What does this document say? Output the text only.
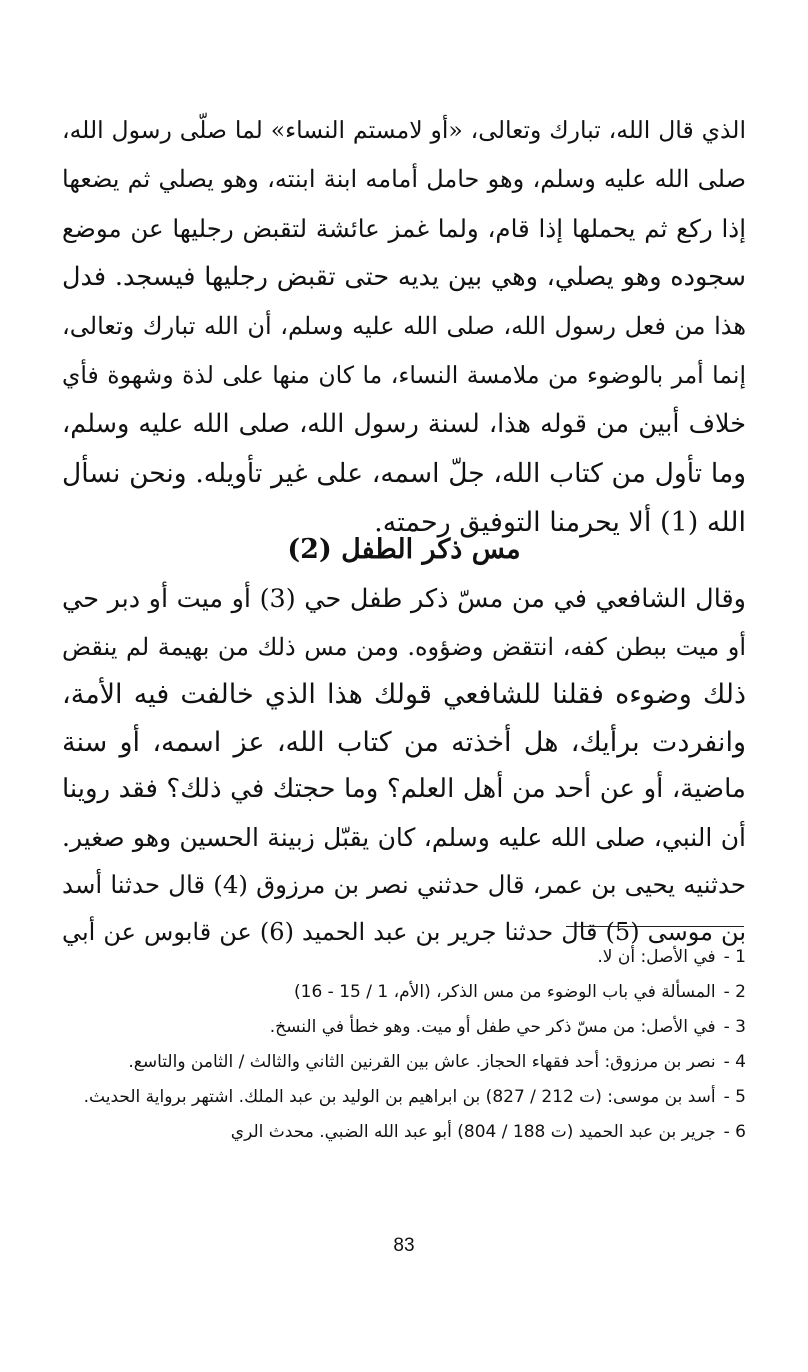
الذي قال الله، تبارك وتعالى، «أو لامستم النساء» لما صلّى رسول الله،
صلى الله عليه وسلم، وهو حامل أمامه ابنة ابنته، وهو يصلي ثم يضعها
إذا ركع ثم يحملها إذا قام، ولما غمز عائشة لتقبض رجليها عن موضع
سجوده وهو يصلي، وهي بين يديه حتى تقبض رجليها فيسجد. فدل
هذا من فعل رسول الله، صلى الله عليه وسلم، أن الله تبارك وتعالى،
إنما أمر بالوضوء من ملامسة النساء، ما كان منها على لذة وشهوة فأي
خلاف أبين من قوله هذا، لسنة رسول الله، صلى الله عليه وسلم،
وما تأول من كتاب الله، جلّ اسمه، على غير تأويله. ونحن نسأل
الله (1) ألا يحرمنا التوفيق رحمته.
مس ذكر الطفل (2)
وقال الشافعي في من مسّ ذكر طفل حي (3) أو ميت أو دبر حي
أو ميت ببطن كفه، انتقض وضؤوه. ومن مس ذلك من بهيمة لم ينقض
ذلك وضوءه فقلنا للشافعي قولك هذا الذي خالفت فيه الأمة،
وانفردت برأيك، هل أخذته من كتاب الله، عز اسمه، أو سنة
ماضية، أو عن أحد من أهل العلم؟ وما حجتك في ذلك؟ فقد روينا
أن النبي، صلى الله عليه وسلم، كان يقبّل زبينة الحسين وهو صغير.
حدثنيه يحيى بن عمر، قال حدثني نصر بن مرزوق (4) قال حدثنا أسد
بن موسى (5) قال حدثنا جرير بن عبد الحميد (6) عن قابوس عن أبي
1 -
في الأصل: أن لا.
2 -
المسألة في باب الوضوء من مس الذكر، (الأم، 1 / 15 - 16)
3 -
في الأصل: من مسّ ذكر حي طفل أو ميت. وهو خطأ في النسخ.
4 -
نصر بن مرزوق: أحد فقهاء الحجاز. عاش بين القرنين الثاني والثالث / الثامن والتاسع.
5 -
أسد بن موسى: (ت 212 / 827) بن ابراهيم بن الوليد بن عبد الملك. اشتهر برواية الحديث.
6 -
جرير بن عبد الحميد (ت 188 / 804) أبو عبد الله الضبي. محدث الري
83
